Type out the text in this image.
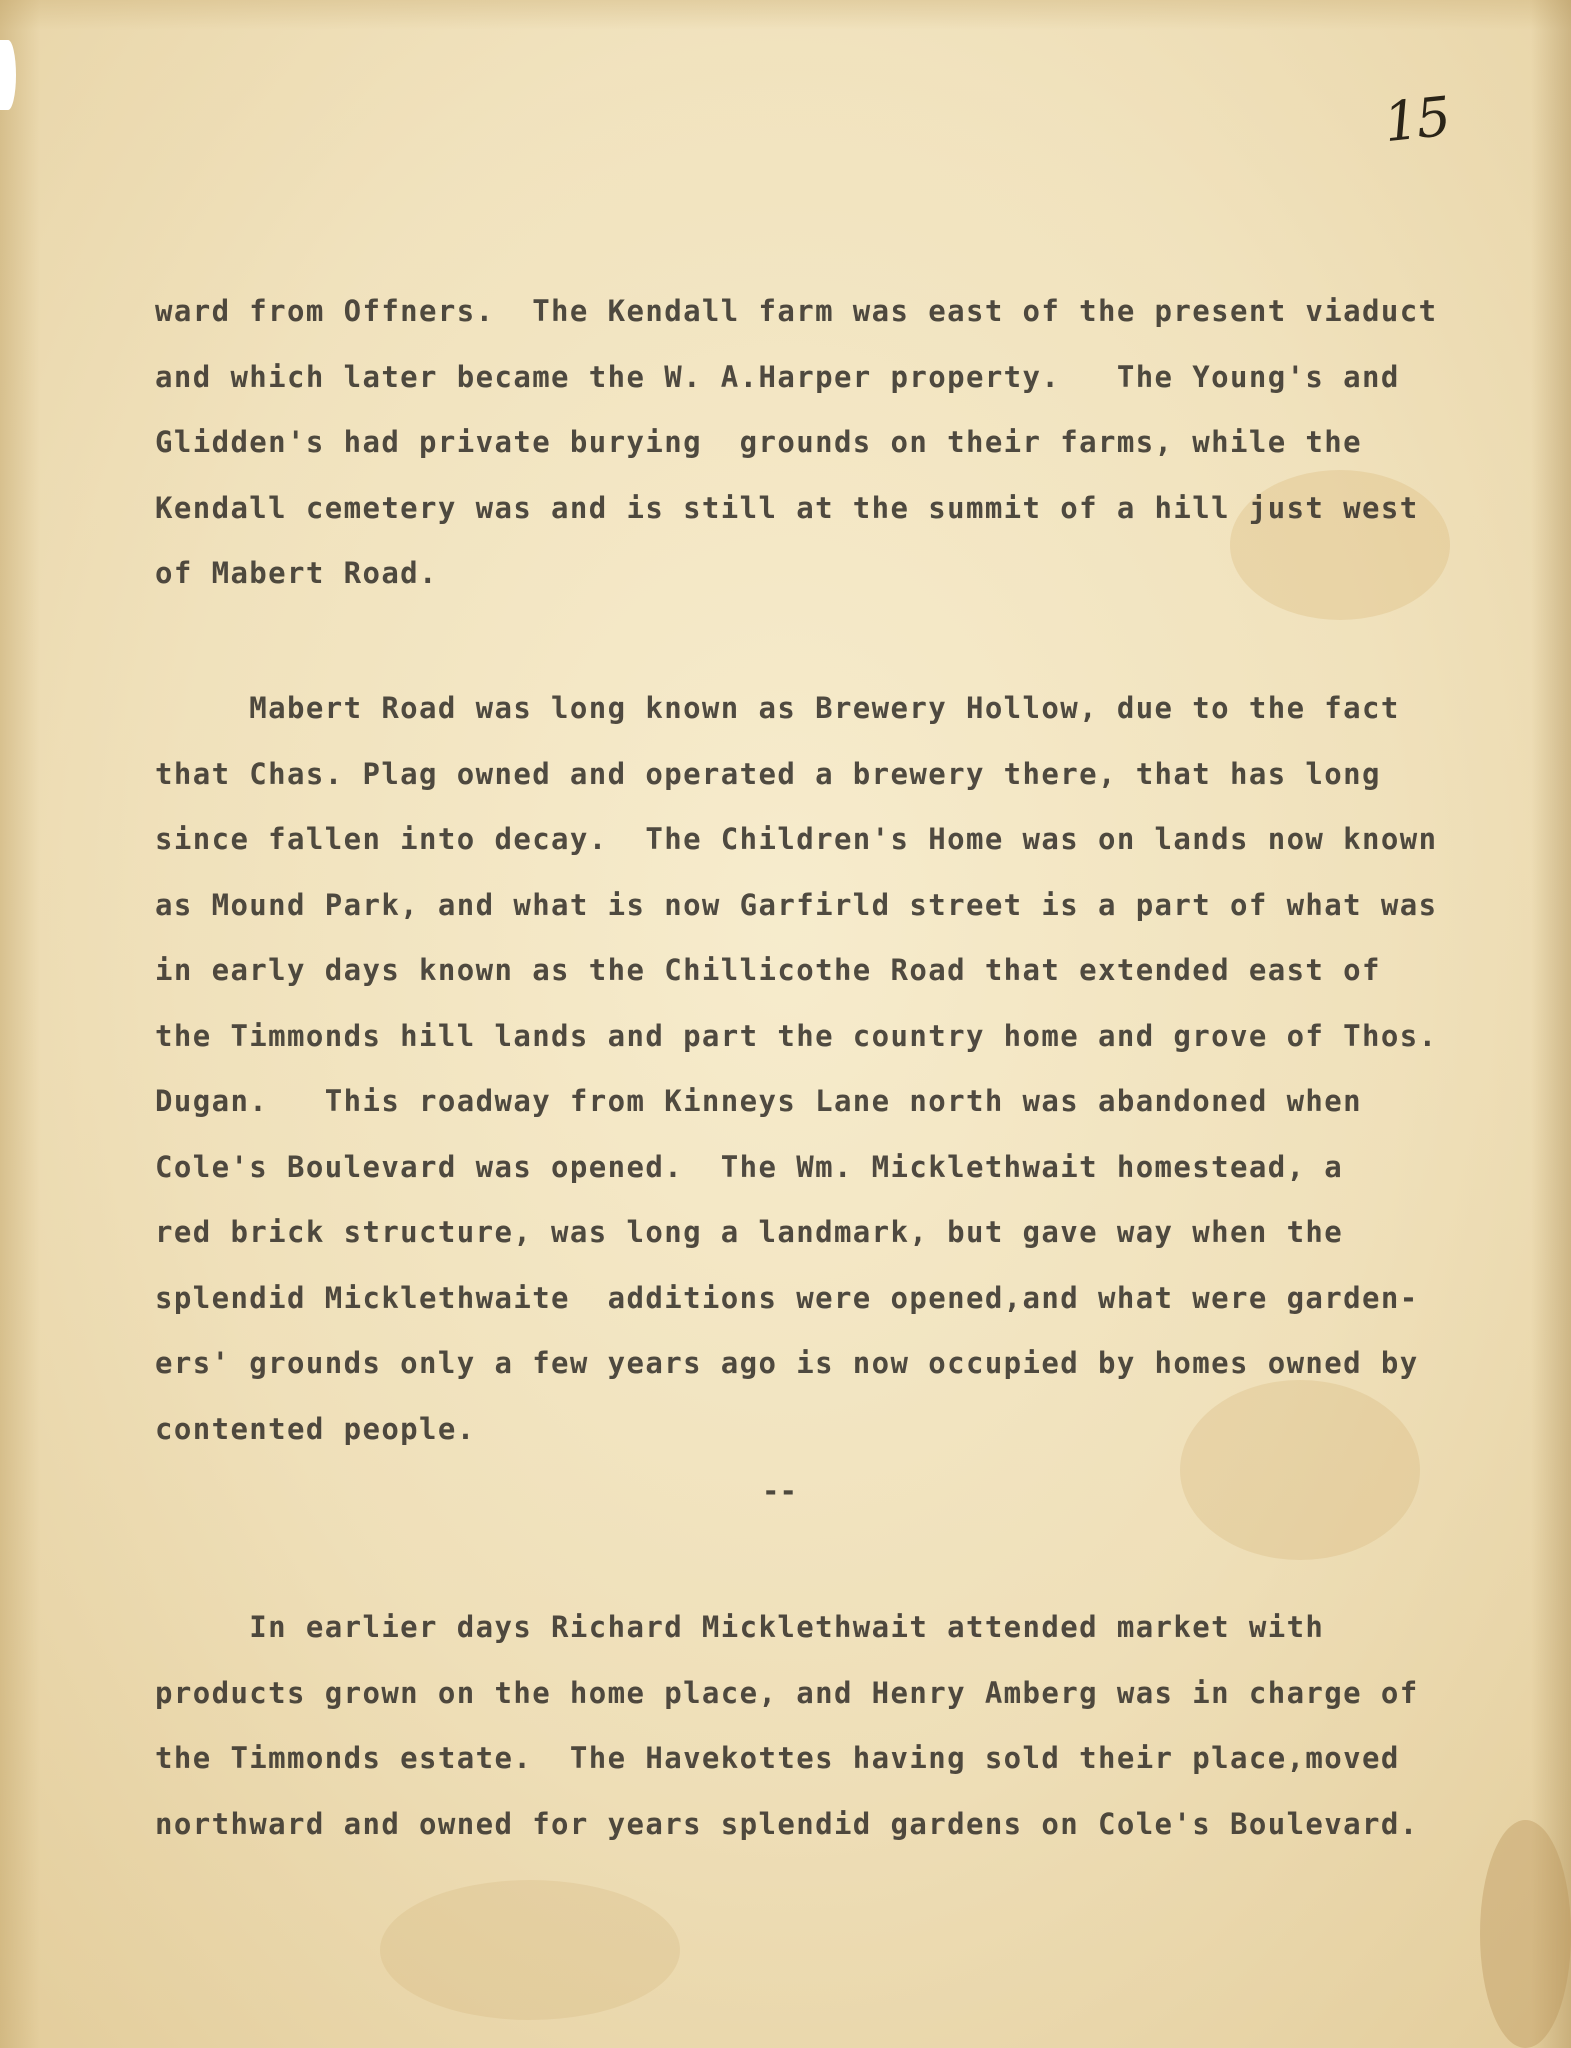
15
ward from Offners.  The Kendall farm was east of the present viaduct
and which later became the W. A.Harper property.   The Young's and
Glidden's had private burying  grounds on their farms, while the
Kendall cemetery was and is still at the summit of a hill just west
of Mabert Road.
Mabert Road was long known as Brewery Hollow, due to the fact
that Chas. Plag owned and operated a brewery there, that has long
since fallen into decay.  The Children's Home was on lands now known
as Mound Park, and what is now Garfirld street is a part of what was
in early days known as the Chillicothe Road that extended east of
the Timmonds hill lands and part the country home and grove of Thos.
Dugan.   This roadway from Kinneys Lane north was abandoned when
Cole's Boulevard was opened.  The Wm. Micklethwait homestead, a
red brick structure, was long a landmark, but gave way when the
splendid Micklethwaite  additions were opened,and what were garden-
ers' grounds only a few years ago is now occupied by homes owned by
contented people.
--
In earlier days Richard Micklethwait attended market with
products grown on the home place, and Henry Amberg was in charge of
the Timmonds estate.  The Havekottes having sold their place,moved
northward and owned for years splendid gardens on Cole's Boulevard.
